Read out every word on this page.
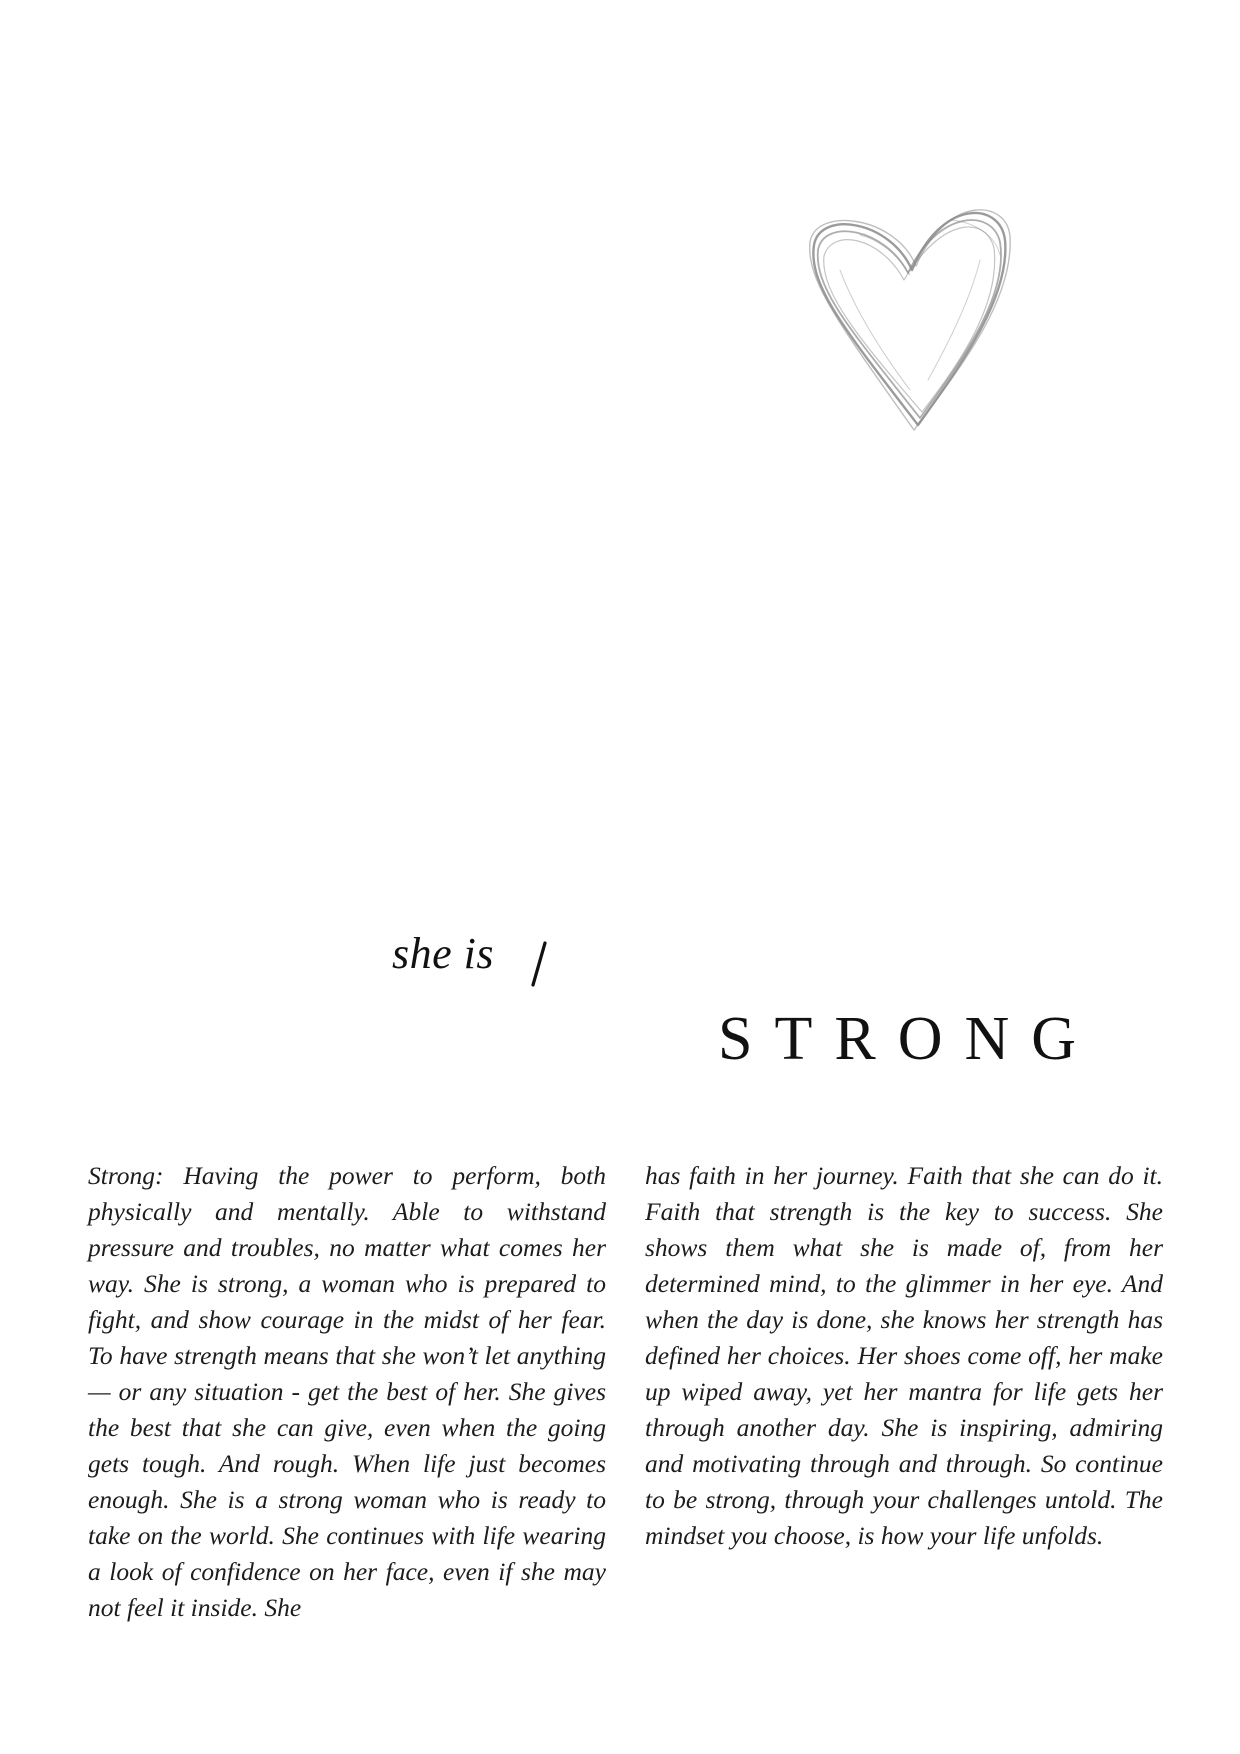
she is
STRONG
Strong: Having the power to perform, both physically and mentally. Able to withstand pressure and troubles, no matter what comes her way. She is strong, a woman who is prepared to fight, and show courage in the midst of her fear. To have strength means that she won’t let anything— or any situation - get the best of her. She gives the best that she can give, even when the going gets tough. And rough. When life just becomes enough. She is a strong woman who is ready to take on the world. She continues with life wearing a look of confidence on her face, even if she may not feel it inside. She
has faith in her journey. Faith that she can do it. Faith that strength is the key to success. She shows them what she is made of, from her determined mind, to the glimmer in her eye. And when the day is done, she knows her strength has defined her choices. Her shoes come off, her make up wiped away, yet her mantra for life gets her through another day. She is inspiring, admiring and motivating through and through. So continue to be strong, through your challenges untold. The mindset you choose, is how your life unfolds.
